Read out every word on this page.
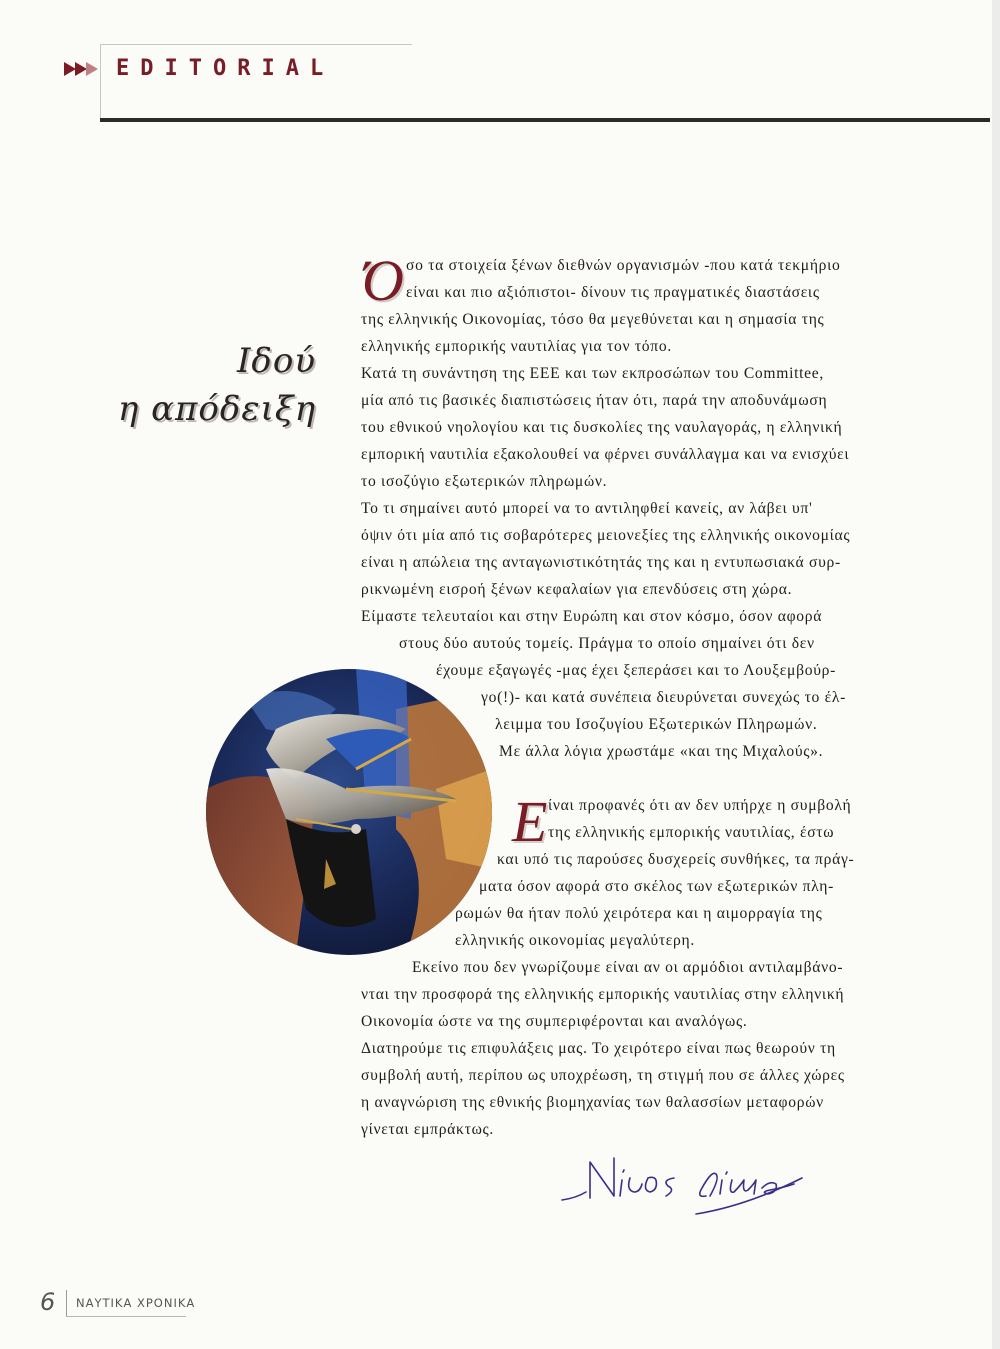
EDITORIAL
Ιδού
η απόδειξη
Ό
Ε
σο τα στοιχεία ξένων διεθνών οργανισμών -που κατά τεκμήριο
είναι και πιο αξιόπιστοι- δίνουν τις πραγματικές διαστάσεις
της ελληνικής Οικονομίας, τόσο θα μεγεθύνεται και η σημασία της
ελληνικής εμπορικής ναυτιλίας για τον τόπο.
Κατά τη συνάντηση της ΕΕΕ και των εκπροσώπων του Committee,
μία από τις βασικές διαπιστώσεις ήταν ότι, παρά την αποδυνάμωση
του εθνικού νηολογίου και τις δυσκολίες της ναυλαγοράς, η ελληνική
εμπορική ναυτιλία εξακολουθεί να φέρνει συνάλλαγμα και να ενισχύει
το ισοζύγιο εξωτερικών πληρωμών.
Το τι σημαίνει αυτό μπορεί να το αντιληφθεί κανείς, αν λάβει υπ'
όψιν ότι μία από τις σοβαρότερες μειονεξίες της ελληνικής οικονομίας
είναι η απώλεια της ανταγωνιστικότητάς της και η εντυπωσιακά συρ-
ρικνωμένη εισροή ξένων κεφαλαίων για επενδύσεις στη χώρα.
Είμαστε τελευταίοι και στην Ευρώπη και στον κόσμο, όσον αφορά
στους δύο αυτούς τομείς. Πράγμα το οποίο σημαίνει ότι δεν
έχουμε εξαγωγές -μας έχει ξεπεράσει και το Λουξεμβούρ-
γο(!)- και κατά συνέπεια διευρύνεται συνεχώς το έλ-
λειμμα του Ισοζυγίου Εξωτερικών Πληρωμών.
Με άλλα λόγια χρωστάμε «και της Μιχαλούς».
ίναι προφανές ότι αν δεν υπήρχε η συμβολή
της ελληνικής εμπορικής ναυτιλίας, έστω
και υπό τις παρούσες δυσχερείς συνθήκες, τα πράγ-
ματα όσον αφορά στο σκέλος των εξωτερικών πλη-
ρωμών θα ήταν πολύ χειρότερα και η αιμορραγία της
ελληνικής οικονομίας μεγαλύτερη.
Εκείνο που δεν γνωρίζουμε είναι αν οι αρμόδιοι αντιλαμβάνο-
νται την προσφορά της ελληνικής εμπορικής ναυτιλίας στην ελληνική
Οικονομία ώστε να της συμπεριφέρονται και αναλόγως.
Διατηρούμε τις επιφυλάξεις μας. Το χειρότερο είναι πως θεωρούν τη
συμβολή αυτή, περίπου ως υποχρέωση, τη στιγμή που σε άλλες χώρες
η αναγνώριση της εθνικής βιομηχανίας των θαλασσίων μεταφορών
γίνεται εμπράκτως.
6 ΝΑΥΤΙΚΑ ΧΡΟΝΙΚΑ
